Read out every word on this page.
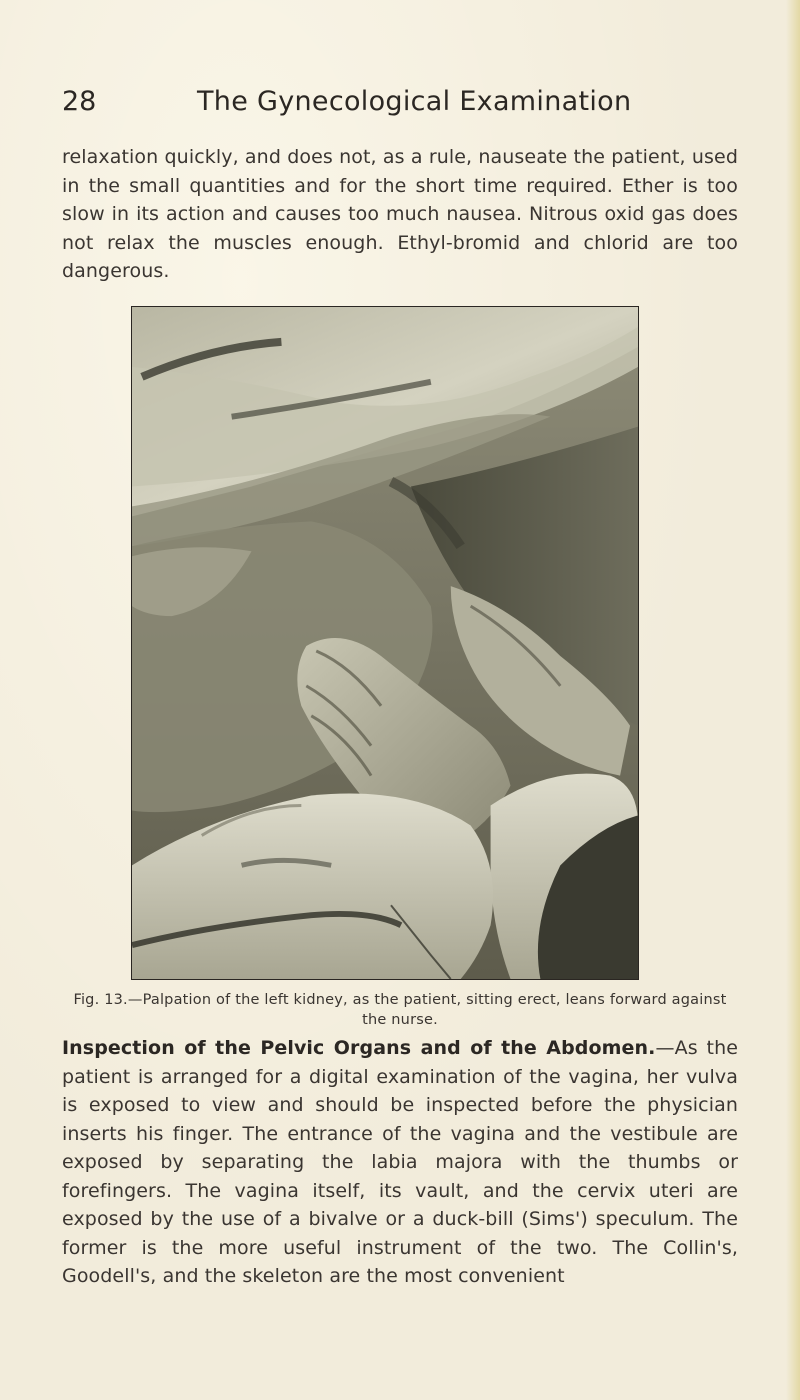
28	The Gynecological Examination

relaxation quickly, and does not, as a rule, nauseate the patient, used in the small quantities and for the short time required. Ether is too slow in its action and causes too much nausea. Nitrous oxid gas does not relax the muscles enough. Ethyl-bromid and chlorid are too dangerous.

Fig. 13.—Palpation of the left kidney, as the patient, sitting erect, leans forward against the nurse.

Inspection of the Pelvic Organs and of the Abdomen.—As the patient is arranged for a digital examination of the vagina, her vulva is exposed to view and should be inspected before the physician inserts his finger. The entrance of the vagina and the vestibule are exposed by separating the labia majora with the thumbs or forefingers. The vagina itself, its vault, and the cervix uteri are exposed by the use of a bivalve or a duck-bill (Sims') speculum. The former is the more useful instrument of the two. The Collin's, Goodell's, and the skeleton are the most convenient
